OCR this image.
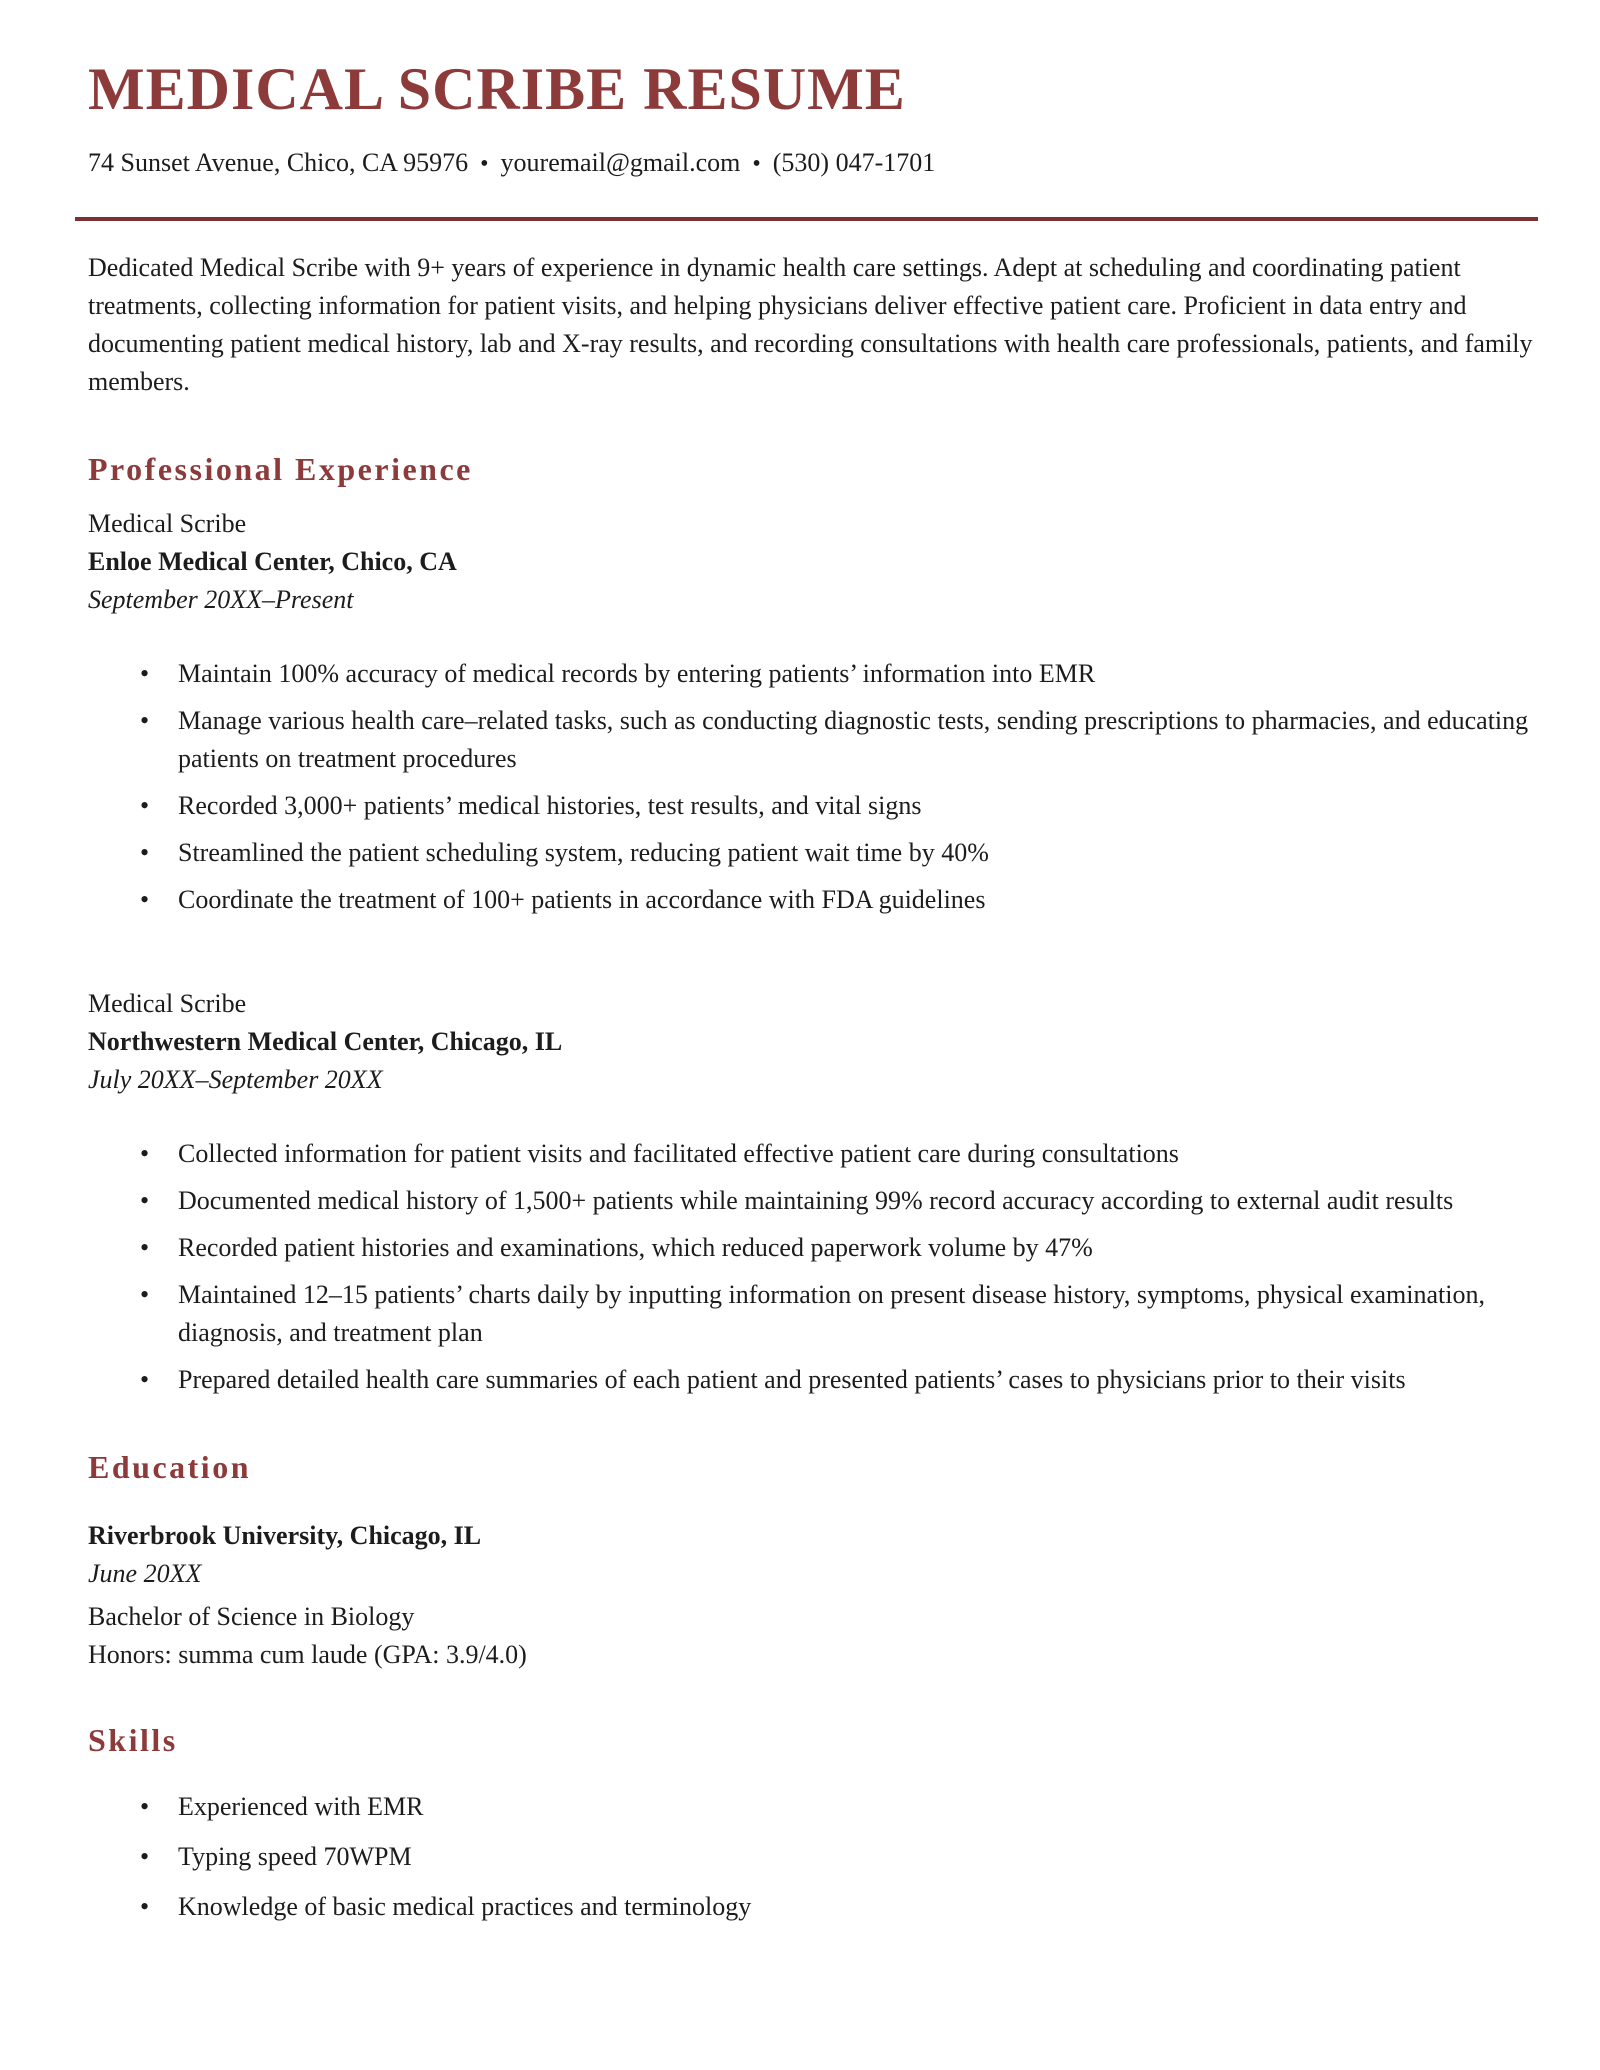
MEDICAL SCRIBE RESUME
74 Sunset Avenue, Chico, CA 95976 • youremail@gmail.com • (530) 047-1701

Dedicated Medical Scribe with 9+ years of experience in dynamic health care settings. Adept at scheduling and coordinating patient treatments, collecting information for patient visits, and helping physicians deliver effective patient care. Proficient in data entry and documenting patient medical history, lab and X-ray results, and recording consultations with health care professionals, patients, and family members.

Professional Experience

Medical Scribe

Enloe Medical Center, Chico, CA

September 20XX–Present

• Maintain 100% accuracy of medical records by entering patients’ information into EMR
• Manage various health care–related tasks, such as conducting diagnostic tests, sending prescriptions to pharmacies, and educating patients on treatment procedures
• Recorded 3,000+ patients’ medical histories, test results, and vital signs
• Streamlined the patient scheduling system, reducing patient wait time by 40%
• Coordinate the treatment of 100+ patients in accordance with FDA guidelines

Medical Scribe

Northwestern Medical Center, Chicago, IL

July 20XX–September 20XX

• Collected information for patient visits and facilitated effective patient care during consultations
• Documented medical history of 1,500+ patients while maintaining 99% record accuracy according to external audit results
• Recorded patient histories and examinations, which reduced paperwork volume by 47%
• Maintained 12–15 patients’ charts daily by inputting information on present disease history, symptoms, physical examination, diagnosis, and treatment plan
• Prepared detailed health care summaries of each patient and presented patients’ cases to physicians prior to their visits
Education

Riverbrook University, Chicago, IL

June 20XX

Bachelor of Science in Biology

Honors: summa cum laude (GPA: 3.9/4.0)

Skills
• Experienced with EMR
• Typing speed 70WPM
• Knowledge of basic medical practices and terminology
